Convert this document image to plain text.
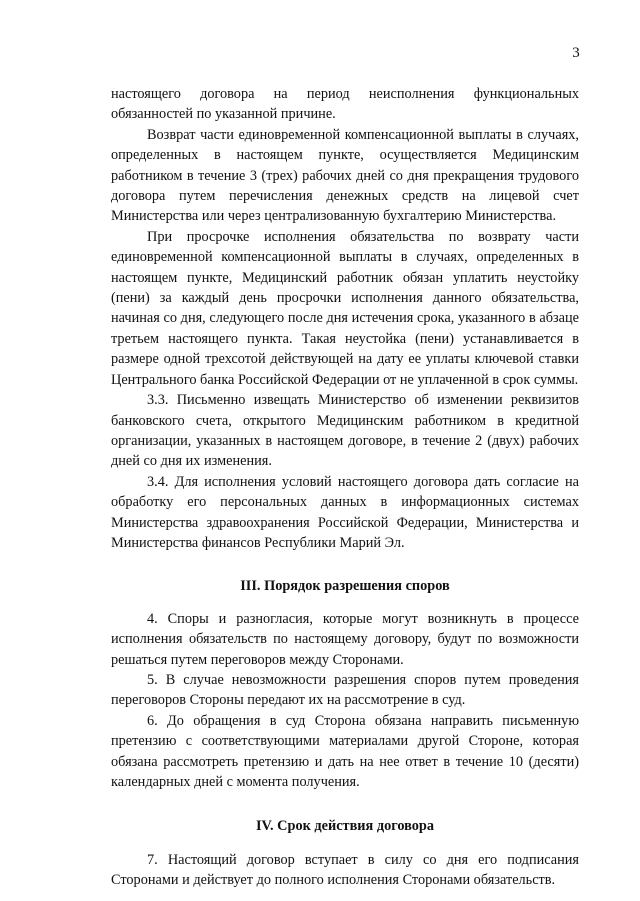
3

настоящего договора на период неисполнения функциональных обязанностей по указанной причине.

Возврат части единовременной компенсационной выплаты в случаях, определенных в настоящем пункте, осуществляется Медицинским работником в течение 3 (трех) рабочих дней со дня прекращения трудового договора путем перечисления денежных средств на лицевой счет Министерства или через централизованную бухгалтерию Министерства.

При просрочке исполнения обязательства по возврату части единовременной компенсационной выплаты в случаях, определенных в настоящем пункте, Медицинский работник обязан уплатить неустойку (пени) за каждый день просрочки исполнения данного обязательства, начиная со дня, следующего после дня истечения срока, указанного в абзаце третьем настоящего пункта. Такая неустойка (пени) устанавливается в размере одной трехсотой действующей на дату ее уплаты ключевой ставки Центрального банка Российской Федерации от не уплаченной в срок суммы.

3.3. Письменно извещать Министерство об изменении реквизитов банковского счета, открытого Медицинским работником в кредитной организации, указанных в настоящем договоре, в течение 2 (двух) рабочих дней со дня их изменения.

3.4. Для исполнения условий настоящего договора дать согласие на обработку его персональных данных в информационных системах Министерства здравоохранения Российской Федерации, Министерства и Министерства финансов Республики Марий Эл.

III. Порядок разрешения споров

4. Споры и разногласия, которые могут возникнуть в процессе исполнения обязательств по настоящему договору, будут по возможности решаться путем переговоров между Сторонами.

5. В случае невозможности разрешения споров путем проведения переговоров Стороны передают их на рассмотрение в суд.

6. До обращения в суд Сторона обязана направить письменную претензию с соответствующими материалами другой Стороне, которая обязана рассмотреть претензию и дать на нее ответ в течение 10 (десяти) календарных дней с момента получения.

IV. Срок действия договора

7. Настоящий договор вступает в силу со дня его подписания Сторонами и действует до полного исполнения Сторонами обязательств.
